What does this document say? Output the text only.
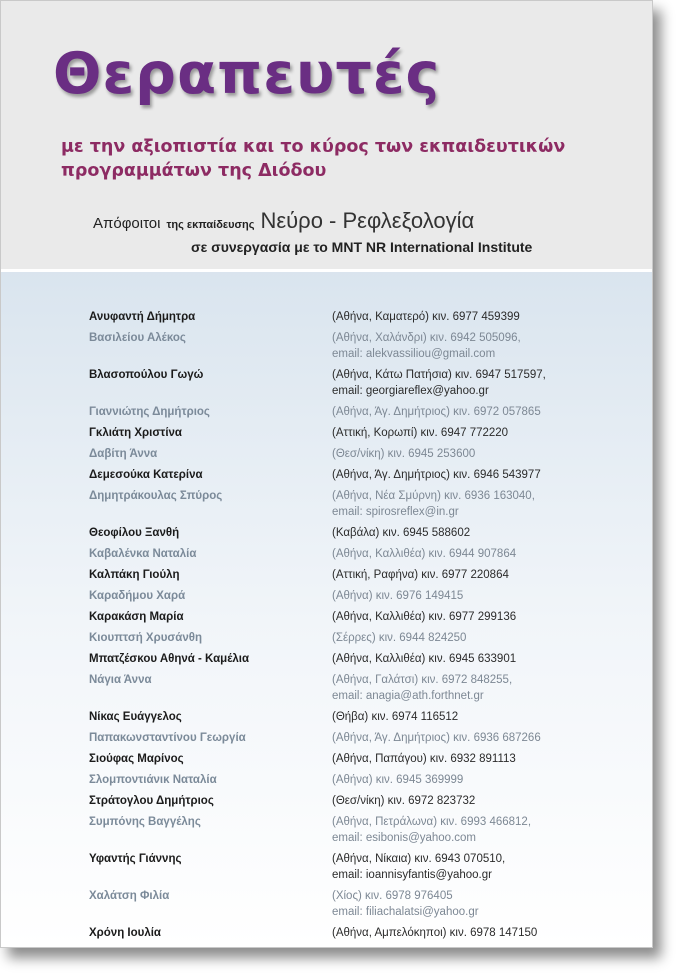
Θεραπευτές
με την αξιοπιστία και το κύρος των εκπαιδευτικών
προγραμμάτων της Διόδου
Απόφοιτοι της εκπαίδευσης Νεύρο - Ρεφλεξολογία
σε συνεργασία με το MNT NR International Institute
Ανυφαντή Δήμητρα	(Αθήνα, Καματερό) κιν. 6977 459399
Βασιλείου Αλέκος	(Αθήνα, Χαλάνδρι) κιν. 6942 505096,
email: alekvassiliou@gmail.com
Βλασοπούλου Γωγώ	(Αθήνα, Κάτω Πατήσια) κιν. 6947 517597,
email: georgiareflex@yahoo.gr
Γιαννιώτης Δημήτριος	(Αθήνα, Άγ. Δημήτριος) κιν. 6972 057865
Γκλιάτη Χριστίνα	(Αττική, Κορωπί) κιν. 6947 772220
Δαβίτη Άννα	(Θεσ/νίκη) κιν. 6945 253600
Δεμεσούκα Κατερίνα	(Αθήνα, Άγ. Δημήτριος) κιν. 6946 543977
Δημητράκουλας Σπύρος	(Αθήνα, Νέα Σμύρνη) κιν. 6936 163040,
email: spirosreflex@in.gr
Θεοφίλου Ξανθή	(Καβάλα) κιν. 6945 588602
Καβαλένκα Ναταλία	(Αθήνα, Καλλιθέα) κιν. 6944 907864
Καλπάκη Γιούλη	(Αττική, Ραφήνα) κιν. 6977 220864
Καραδήμου Χαρά	(Αθήνα) κιν. 6976 149415
Καρακάση Μαρία	(Αθήνα, Καλλιθέα) κιν. 6977 299136
Κιουπτσή Χρυσάνθη	(Σέρρες) κιν. 6944 824250
Μπατζέσκου Αθηνά - Καμέλια	(Αθήνα, Καλλιθέα) κιν. 6945 633901
Νάγια Άννα	(Αθήνα, Γαλάτσι) κιν. 6972 848255,
email: anagia@ath.forthnet.gr
Νίκας Ευάγγελος	(Θήβα) κιν. 6974 116512
Παπακωνσταντίνου Γεωργία	(Αθήνα, Άγ. Δημήτριος) κιν. 6936 687266
Σιούφας Μαρίνος	(Αθήνα, Παπάγου) κιν. 6932 891113
Σλομποντιάνικ Ναταλία	(Αθήνα) κιν. 6945 369999
Στράτογλου Δημήτριος	(Θεσ/νίκη) κιν. 6972 823732
Συμπόνης Βαγγέλης	(Αθήνα, Πετράλωνα) κιν. 6993 466812,
email: esibonis@yahoo.com
Υφαντής Γιάννης	(Αθήνα, Νίκαια) κιν. 6943 070510,
email: ioannisyfantis@yahoo.gr
Χαλάτση Φιλία	(Χίος) κιν. 6978 976405
email: filiachalatsi@yahoo.gr
Χρόνη Ιουλία	(Αθήνα, Αμπελόκηποι) κιν. 6978 147150
